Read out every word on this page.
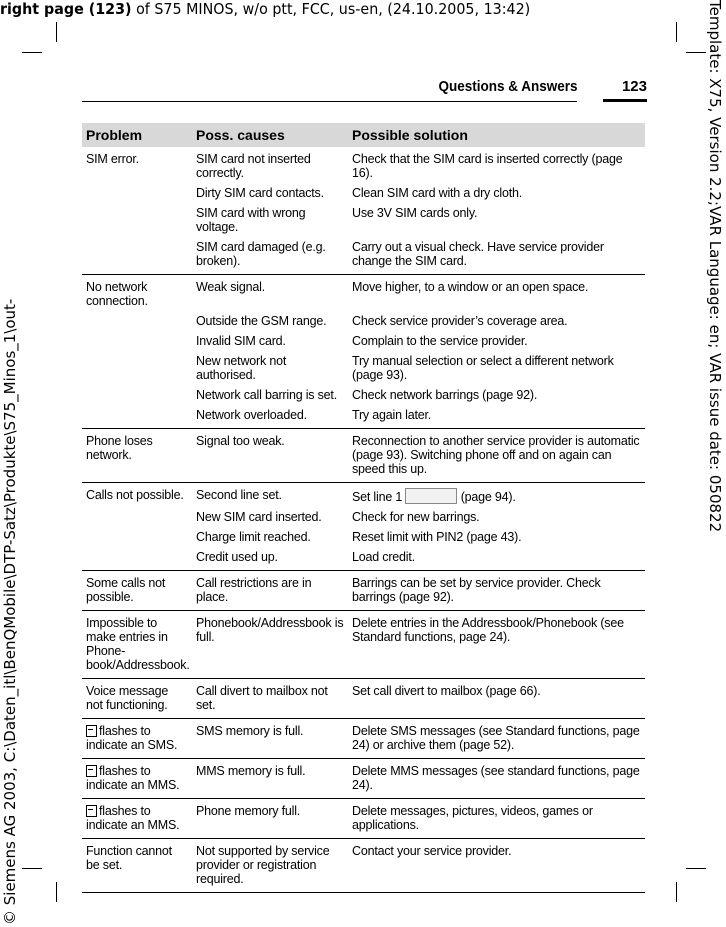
right page (123) of S75 MINOS, w/o ptt, FCC, us-en, (24.10.2005, 13:42)	Template: X75, Version 2.2;VAR Language: en; VAR issue date: 050822
© Siemens AG 2003, C:\Daten_itl\BenQMobile\DTP-Satz\Produkte\S75_Minos_1\out-
Questions & Answers	123
Problem	Poss. causes	Possible solution
SIM error.	SIM card not inserted correctly.	Check that the SIM card is inserted correctly (page 16).
	Dirty SIM card contacts.	Clean SIM card with a dry cloth.
	SIM card with wrong voltage.	Use 3V SIM cards only.
	SIM card damaged (e.g. broken).	Carry out a visual check. Have service provider change the SIM card.
No network connection.	Weak signal.	Move higher, to a window or an open space.
	Outside the GSM range.	Check service provider’s coverage area.
	Invalid SIM card.	Complain to the service provider.
	New network not authorised.	Try manual selection or select a different network (page 93).
	Network call barring is set.	Check network barrings (page 92).
	Network overloaded.	Try again later.
Phone loses network.	Signal too weak.	Reconnection to another service provider is automatic (page 93). Switching phone off and on again can speed this up.
Calls not possible.	Second line set.	Set line 1 (page 94).
	New SIM card inserted.	Check for new barrings.
	Charge limit reached.	Reset limit with PIN2 (page 43).
	Credit used up.	Load credit.
Some calls not possible.	Call restrictions are in place.	Barrings can be set by service provider. Check barrings (page 92).
Impossible to make entries in Phone-book/Addressbook.	Phonebook/Addressbook is full.	Delete entries in the Addressbook/Phonebook (see Standard functions, page 24).
Voice message not functioning.	Call divert to mailbox not set.	Set call divert to mailbox (page 66).
flashes to indicate an SMS.	SMS memory is full.	Delete SMS messages (see Standard functions, page 24) or archive them (page 52).
flashes to indicate an MMS.	MMS memory is full.	Delete MMS messages (see standard functions, page 24).
flashes to indicate an MMS.	Phone memory full.	Delete messages, pictures, videos, games or applications.
Function cannot be set.	Not supported by service provider or registration required.	Contact your service provider.
